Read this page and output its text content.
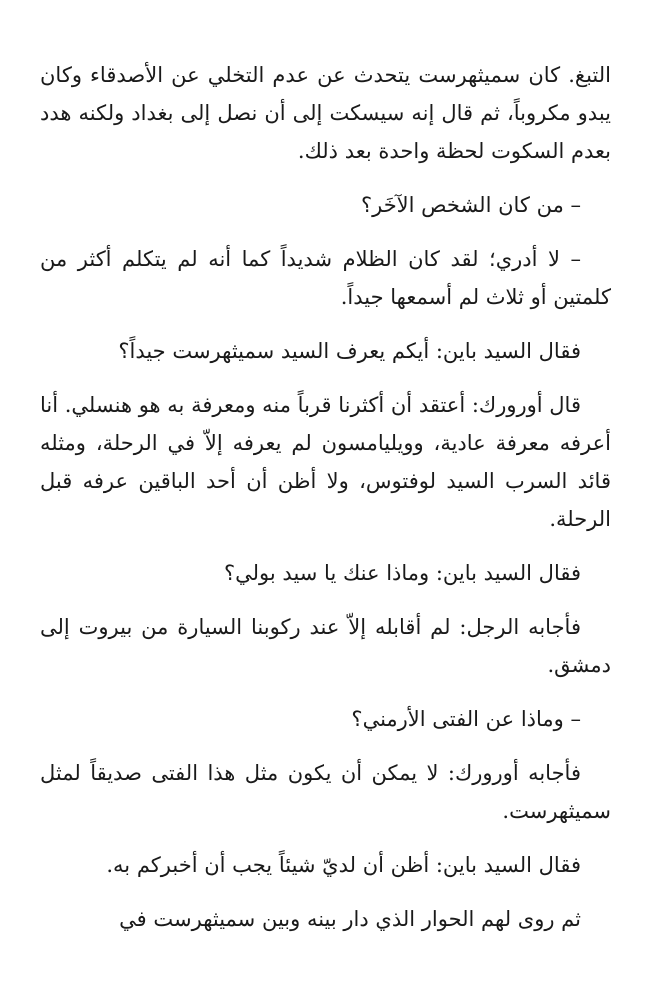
التبغ. كان سميثهرست يتحدث عن عدم التخلي عن الأصدقاء وكان يبدو مكروباً، ثم قال إنه سيسكت إلى أن نصل إلى بغداد ولكنه هدد بعدم السكوت لحظة واحدة بعد ذلك.

– من كان الشخص الآخَر؟

– لا أدري؛ لقد كان الظلام شديداً كما أنه لم يتكلم أكثر من كلمتين أو ثلاث لم أسمعها جيداً.

فقال السيد باين: أيكم يعرف السيد سميثهرست جيداً؟

قال أورورك: أعتقد أن أكثرنا قرباً منه ومعرفة به هو هنسلي. أنا أعرفه معرفة عادية، وويليامسون لم يعرفه إلاّ في الرحلة، ومثله قائد السرب السيد لوفتوس، ولا أظن أن أحد الباقين عرفه قبل الرحلة.

فقال السيد باين: وماذا عنك يا سيد بولي؟

فأجابه الرجل: لم أقابله إلاّ عند ركوبنا السيارة من بيروت إلى دمشق.

– وماذا عن الفتى الأرمني؟

فأجابه أورورك: لا يمكن أن يكون مثل هذا الفتى صديقاً لمثل سميثهرست.

فقال السيد باين: أظن أن لديّ شيئاً يجب أن أخبركم به.

ثم روى لهم الحوار الذي دار بينه وبين سميثهرست في
